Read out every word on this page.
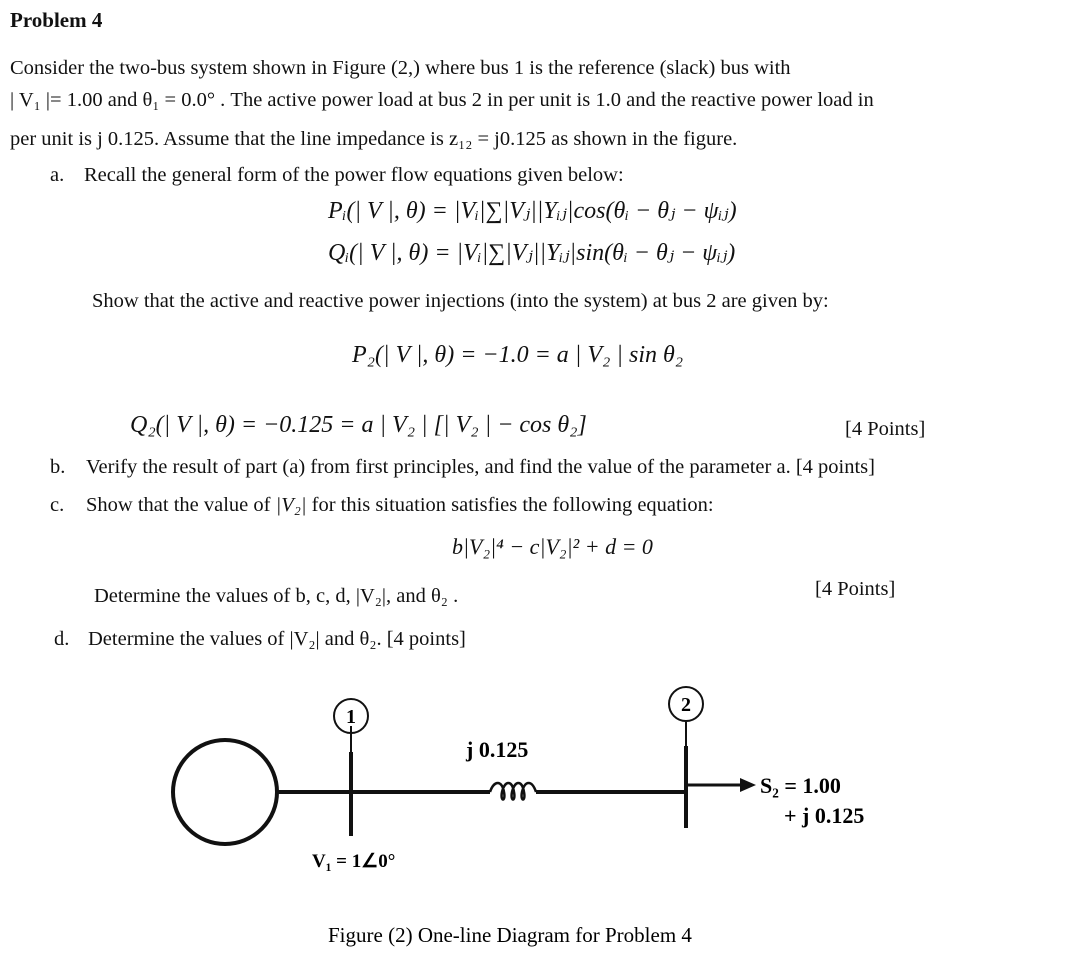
Problem 4
Consider the two-bus system shown in Figure (2,) where bus 1 is the reference (slack) bus with
| V₁ |= 1.00 and θ₁ = 0.0° . The active power load at bus 2 in per unit is 1.0 and the reactive power load in
per unit is j 0.125. Assume that the line impedance is z₁₂ = j0.125 as shown in the figure.
a. Recall the general form of the power flow equations given below:
Pᵢ(| V |, θ) = |Vᵢ|∑|Vⱼ||Yᵢⱼ|cos(θᵢ − θⱼ − ψᵢⱼ)
Qᵢ(| V |, θ) = |Vᵢ|∑|Vⱼ||Yᵢⱼ|sin(θᵢ − θⱼ − ψᵢⱼ)
Show that the active and reactive power injections (into the system) at bus 2 are given by:
P₂(| V |, θ) = −1.0 = a | V₂ | sin θ₂
Q₂(| V |, θ) = −0.125 = a | V₂ | [| V₂ | − cos θ₂]	[4 Points]
b. Verify the result of part (a) from first principles, and find the value of the parameter a. [4 points]
c. Show that the value of |V₂| for this situation satisfies the following equation:
b|V₂|⁴ − c|V₂|² + d = 0
Determine the values of b, c, d, |V₂|, and θ₂ .	[4 Points]
d. Determine the values of |V₂| and θ₂. [4 points]
1
2
j 0.125
V₁ = 1∠0°
S₂ = 1.00
+ j 0.125
Figure (2) One-line Diagram for Problem 4
